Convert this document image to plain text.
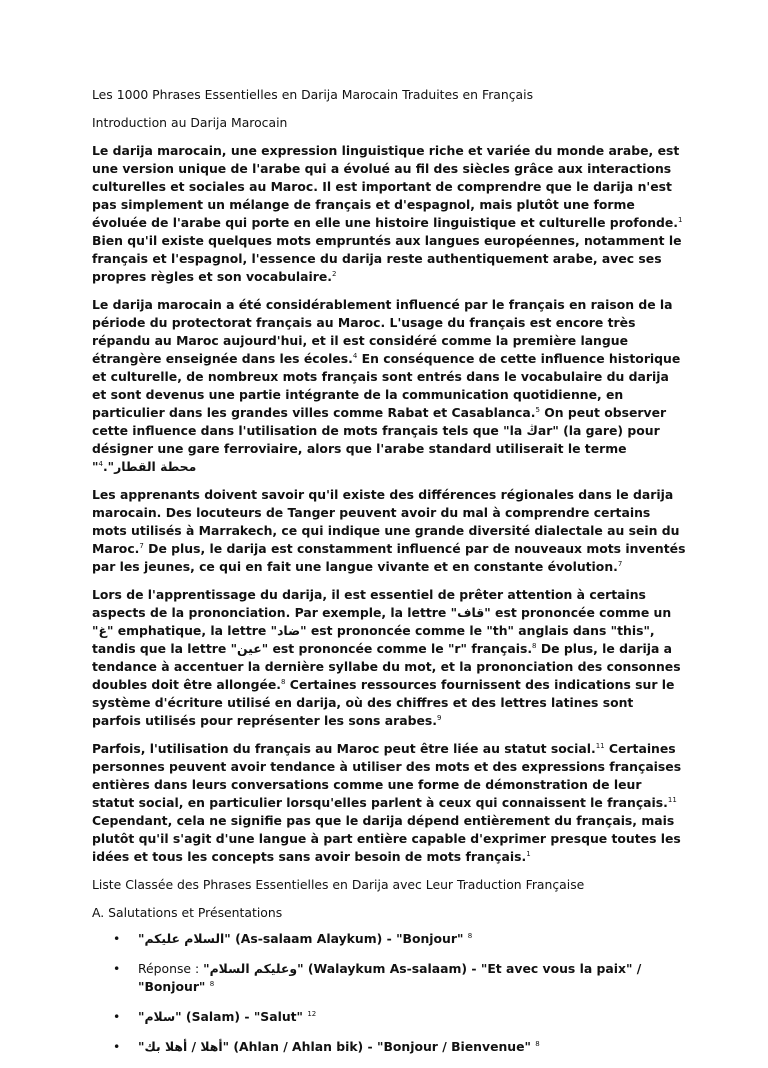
Les 1000 Phrases Essentielles en Darija Marocain Traduites en Français
Introduction au Darija Marocain

Le darija marocain, une expression linguistique riche et variée du monde arabe, est une version unique de l'arabe qui a évolué au fil des siècles grâce aux interactions culturelles et sociales au Maroc. Il est important de comprendre que le darija n'est pas simplement un mélange de français et d'espagnol, mais plutôt une forme évoluée de l'arabe qui porte en elle une histoire linguistique et culturelle profonde.$^1$ Bien qu'il existe quelques mots empruntés aux langues européennes, notamment le français et l'espagnol, l'essence du darija reste authentiquement arabe, avec ses propres règles et son vocabulaire.$^2$

Le darija marocain a été considérablement influencé par le français en raison de la période du protectorat français au Maroc. L'usage du français est encore très répandu au Maroc aujourd'hui, et il est considéré comme la première langue étrangère enseignée dans les écoles.$^4$ En conséquence de cette influence historique et culturelle, de nombreux mots français sont entrés dans le vocabulaire du darija et sont devenus une partie intégrante de la communication quotidienne, en particulier dans les grandes villes comme Rabat et Casablanca.$^5$ On peut observer cette influence dans l'utilisation de mots français tels que "la ڭar" (la gare) pour désigner une gare ferroviaire, alors que l'arabe standard utiliserait le terme "$^4$."محطة القطار

Les apprenants doivent savoir qu'il existe des différences régionales dans le darija marocain. Des locuteurs de Tanger peuvent avoir du mal à comprendre certains mots utilisés à Marrakech, ce qui indique une grande diversité dialectale au sein du Maroc.$^7$ De plus, le darija est constamment influencé par de nouveaux mots inventés par les jeunes, ce qui en fait une langue vivante et en constante évolution.$^7$

Lors de l'apprentissage du darija, il est essentiel de prêter attention à certains aspects de la prononciation. Par exemple, la lettre "قاف" est prononcée comme un "غ" emphatique, la lettre "ضاد" est prononcée comme le "th" anglais dans "this", tandis que la lettre "عين" est prononcée comme le "r" français.$^8$ De plus, le darija a tendance à accentuer la dernière syllabe du mot, et la prononciation des consonnes doubles doit être allongée.$^8$ Certaines ressources fournissent des indications sur le système d'écriture utilisé en darija, où des chiffres et des lettres latines sont parfois utilisés pour représenter les sons arabes.$^9$

Parfois, l'utilisation du français au Maroc peut être liée au statut social.$^{11}$ Certaines personnes peuvent avoir tendance à utiliser des mots et des expressions françaises entières dans leurs conversations comme une forme de démonstration de leur statut social, en particulier lorsqu'elles parlent à ceux qui connaissent le français.$^{11}$ Cependant, cela ne signifie pas que le darija dépend entièrement du français, mais plutôt qu'il s'agit d'une langue à part entière capable d'exprimer presque toutes les idées et tous les concepts sans avoir besoin de mots français.$^1$

Liste Classée des Phrases Essentielles en Darija avec Leur Traduction Française
A. Salutations et Présentations
• "السلام عليكم" (As-salaam Alaykum) - "Bonjour" $^8$
• Réponse : "وعليكم السلام" (Walaykum As-salaam) - "Et avec vous la paix" / "Bonjour" $^8$
• "سلام" (Salam) - "Salut" $^{12}$
• "أهلا / أهلا بك" (Ahlan / Ahlan bik) - "Bonjour / Bienvenue" $^8$
